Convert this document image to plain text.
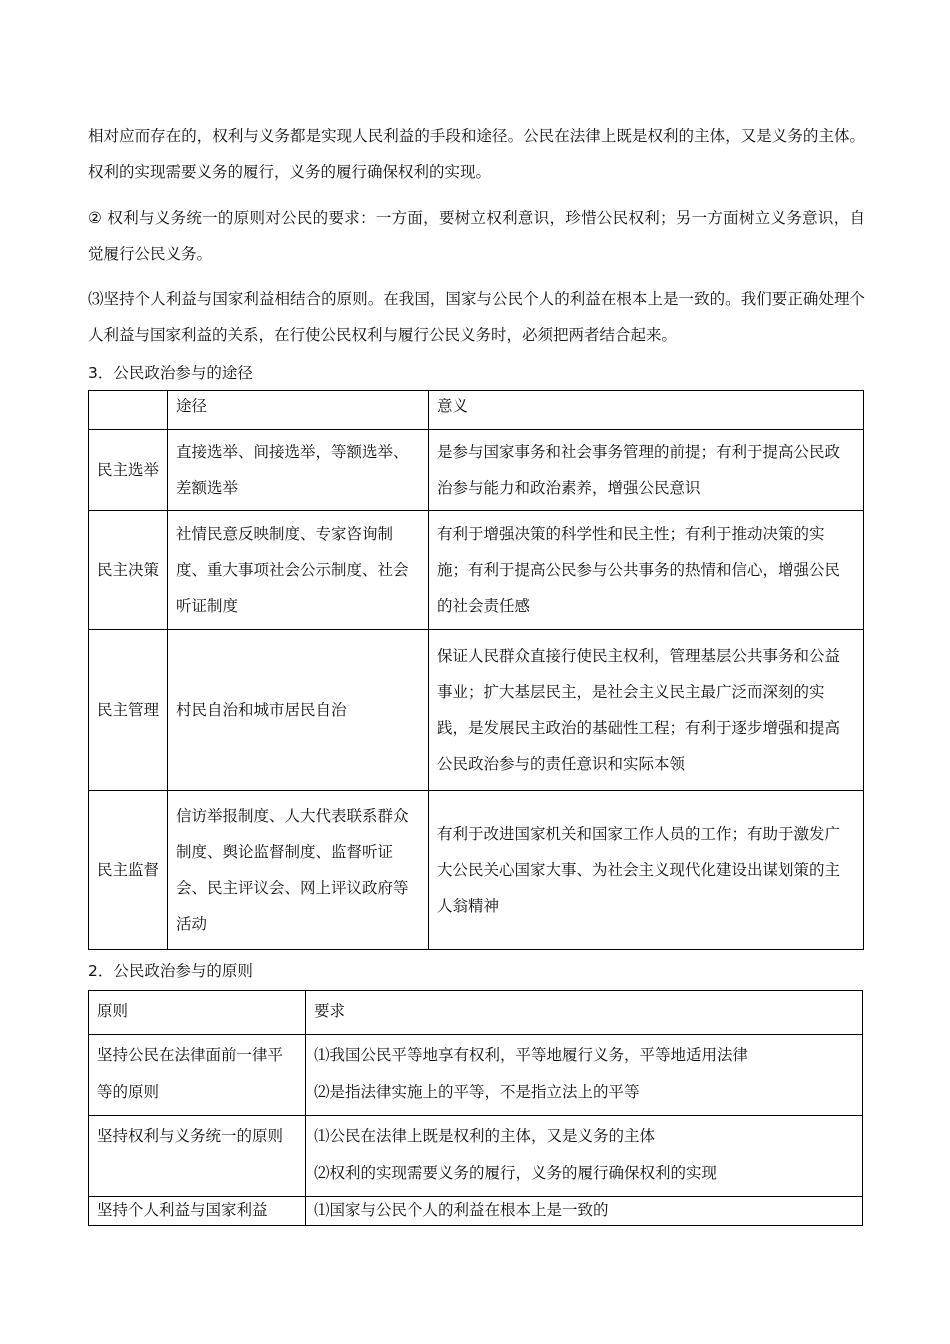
相对应而存在的，权利与义务都是实现人民利益的手段和途径。公民在法律上既是权利的主体，又是义务的主体。权利的实现需要义务的履行，义务的履行确保权利的实现。

② 权利与义务统一的原则对公民的要求：一方面，要树立权利意识，珍惜公民权利；另一方面树立义务意识，自觉履行公民义务。

⑶坚持个人利益与国家利益相结合的原则。在我国，国家与公民个人的利益在根本上是一致的。我们要正确处理个人利益与国家利益的关系，在行使公民权利与履行公民义务时，必须把两者结合起来。

3．公民政治参与的途径

	途径	意义
民主选举	直接选举、间接选举，等额选举、差额选举	是参与国家事务和社会事务管理的前提；有利于提高公民政治参与能力和政治素养，增强公民意识
民主决策	社情民意反映制度、专家咨询制度、重大事项社会公示制度、社会听证制度	有利于增强决策的科学性和民主性；有利于推动决策的实施；有利于提高公民参与公共事务的热情和信心，增强公民的社会责任感
民主管理	村民自治和城市居民自治	保证人民群众直接行使民主权利，管理基层公共事务和公益事业；扩大基层民主，是社会主义民主最广泛而深刻的实践，是发展民主政治的基础性工程；有利于逐步增强和提高公民政治参与的责任意识和实际本领
民主监督	信访举报制度、人大代表联系群众制度、舆论监督制度、监督听证会、民主评议会、网上评议政府等活动	有利于改进国家机关和国家工作人员的工作；有助于激发广大公民关心国家大事、为社会主义现代化建设出谋划策的主人翁精神

2．公民政治参与的原则

原则	要求
坚持公民在法律面前一律平等的原则	⑴我国公民平等地享有权利，平等地履行义务，平等地适用法律
⑵是指法律实施上的平等，不是指立法上的平等

坚持权利与义务统一的原则	⑴公民在法律上既是权利的主体，又是义务的主体
⑵权利的实现需要义务的履行，义务的履行确保权利的实现

坚持个人利益与国家利益	⑴国家与公民个人的利益在根本上是一致的
